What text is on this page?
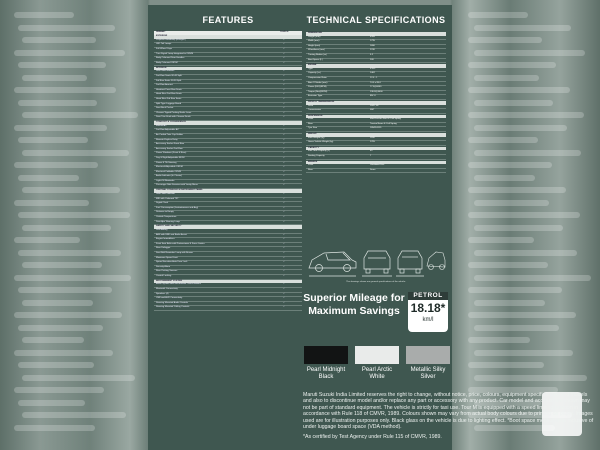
FEATURES	TECHNICAL SPECIFICATIONS
VARIANT	TOUR M
EXTERIOR
Projector Headlamp (Halogen)	✓
LED Tail Lamps	✓
Full Wheel Caps	✓
Turn Signal Lamp Integrated in ORVM	✓
Body Coloured Door Handles	✓
Body Coloured ORVM	✓
INTERIOR
Dual Tone Interiors	✓
2nd Row Seats 60:40 Split	✓
3rd Row Seats 50:50 Split	✓
2nd Row Armrest	✓
Headrest Front Row Seats	✓
Head Rest 2nd Row Seats	✓
Head Rest 3rd Row Seats	✓
Split Type Luggage Board	✓
Seat Back Pocket	✓
Chrome Tipped Parking Brake Lever	✓
Door Trim Knob with Chrome Finish	✓
COMFORT & CONVENIENCE
Manual AC	✓
2nd Row Adjustable AC	✓
Air Cooled Twin Cup Holder	✓
Remote Keyless Entry	✓
Accessory Socket Front Row	✓
Accessory Socket 2nd Row	✓
Power Windows (Front & Rear)	✓
Day & Night Adjustable IRVM	✓
Power & Tilt Steering	✓
Electrical Adjustable ORVM	✓
Electrical Foldable ORVM	✓
Audio Indicator (In Cluster)	✓
Light-Off Reminder	✓
Passenger Side Sunvisor with Vanity Mirror	✓
CENTRAL CONSOLE & INSTRUMENT PANEL
Gear Shift Indicator	✓
MID with Coloured TFT	✓
Digital Clock	✓
Fuel Consumption (Instantaneous and Avg)	✓
Distance to Empty	✓
Outside Temperature	✓
Door Ajar Warning Lamp	✓
SAFETY AND SECURITY
Dual Airbag	✓
ABS with EBD and Brake Assist	✓
Engine Immobilizer	✓
Front Seat Belts with Pretensioner & Force Limiter	✓
Rear Defogger	✓
Seat Belt Reminder Lamp with Buzzer	✓
Maximum Speed Limit	✓
Speed Sensitive Auto Door Lock	✓
Security Alarm	✓
Rear Parking Sensors	✓
Central Locking	✓
INFOTAINMENT SYSTEM
Audio System with Electrostatic Touch Buttons	✓
Bluetooth Connectivity	✓
Speakers (4)	✓
USB and AUX Connectivity	✓
Steering Mounted Audio Controls	✓
Steering Mounted Calling Controls	✓
DIMENSIONS
Length (mm)	4395
Width (mm)	1735
Height (mm)	1690
Wheelbase (mm)	2740
Turning Radius (m)	5.2
Boot Space (L)	209
ENGINE
Type	K15C
Capacity (cc)	1462
Compression Ratio	12.0 : 1
Bore X Stroke (mm)	74.0 x 85.0
Power (kW@RPM)	77.0@6000
Torque (Nm@RPM)	136.8@4400
Emission Type	BS VI
DRIVE & TRANSMISSION
Drive	2WD, FF
Transmission	5MT
SUSPENSION
Front	MacPherson Strut & Coil Spring
Rear	Torsion Beam & Coil Spring
Tyre Size	185/65 R15
WEIGHT
Kerb Weight (kg)	1180
Gross Vehicle Weight (kg)	1765
CAPACITY
Fuel Tank Capacity (L)	45
Seating Capacity	7
BRAKES
Front	Ventilated Disc
Rear	Drum
The drawings shown are general specifications of the vehicle.
Maruti Suzuki India Limited reserves the right to change, without notice, price, colours, equipment specifications and models and also to discontinue model and/or replace any part or accessory with any product. Car model and accessories shown may not be part of standard equipment. The vehicle is strictly for taxi use. Tour M is equipped with a speed limiting function in accordance with Rule 118 of CMVR, 1989. Colours shown may vary from actual body colours due to printing on paper. Images used are for illustration purposes only. Black glass on the vehicle is due to lighting effect. *Boot space mentioned is inclusive of under luggage board space (VDA method).
*As certified by Test Agency under Rule 115 of CMVR, 1989.
Superior Mileage for
Maximum Savings
PETROL
18.18*
km/l
Pearl Midnight
Black
Pearl Arctic
White
Metallic Silky
Silver
